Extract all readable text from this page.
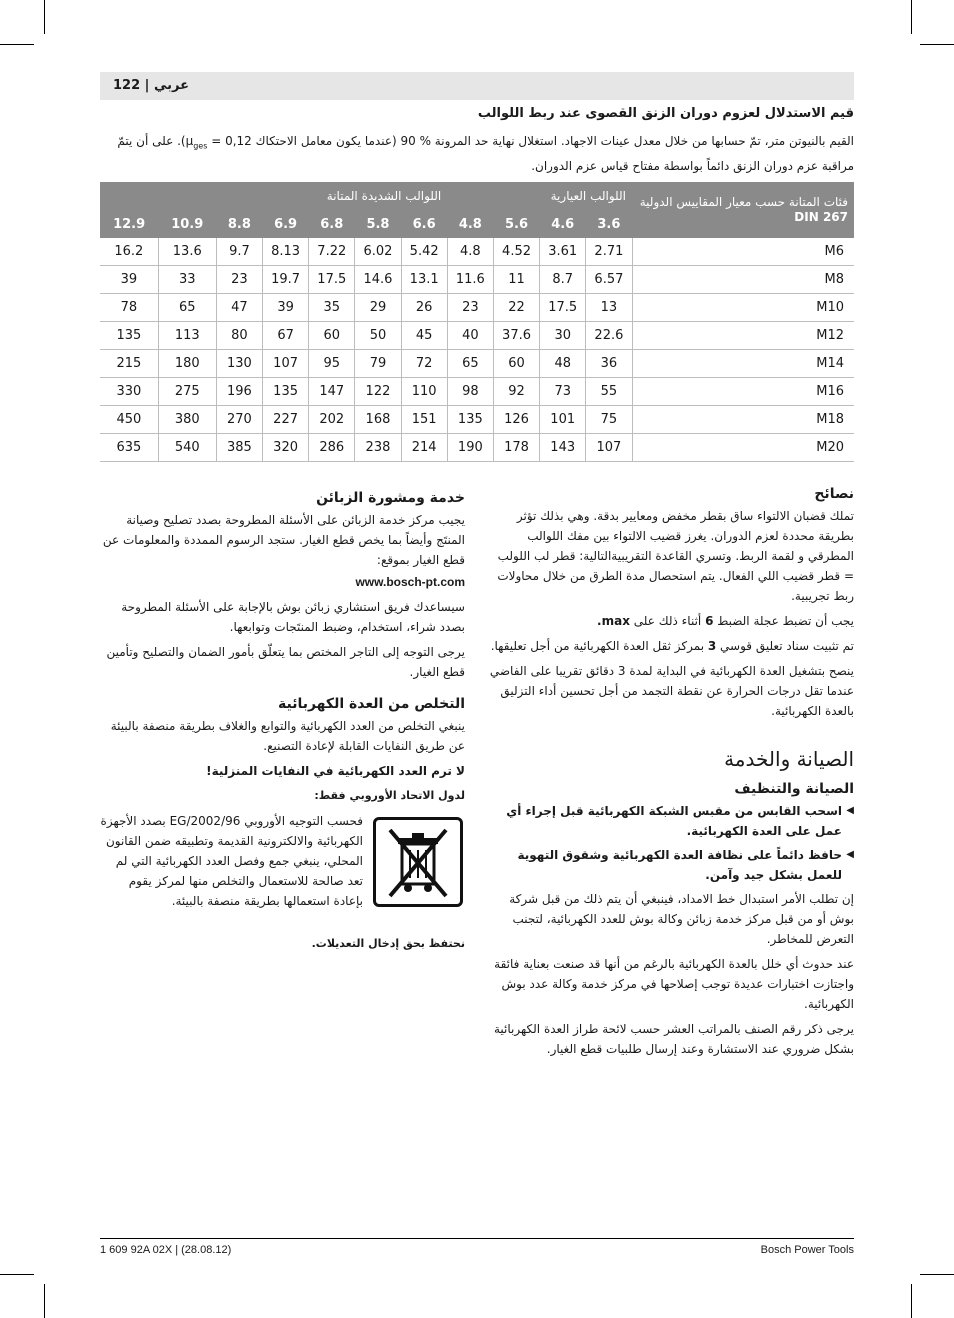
عربي | 122
قيم الاستدلال لعزوم دوران الزنق القصوى عند ربط اللوالب
القيم بالنيوتن متر، تمّ حسابها من خلال معدل عينات الاجهاد. استغلال نهاية حد المرونة % 90 (عندما يكون معامل الاحتكاك $\mu_{ges} = 0,12$). على أن يتمّ
مراقبة عزم دوران الزنق دائماً بواسطة مفتاح قياس عزم الدوران.
فئات المتانة حسب معيار المقاييس الدولية
DIN 267	اللوالب العيارية				اللوالب الشديدة المتانة						
	3.6	4.6	5.6	4.8	6.6	5.8	6.8	6.9	8.8	10.9	12.9
M6	2.71	3.61	4.52	4.8	5.42	6.02	7.22	8.13	9.7	13.6	16.2
M8	6.57	8.7	11	11.6	13.1	14.6	17.5	19.7	23	33	39
M10	13	17.5	22	23	26	29	35	39	47	65	78
M12	22.6	30	37.6	40	45	50	60	67	80	113	135
M14	36	48	60	65	72	79	95	107	130	180	215
M16	55	73	92	98	110	122	147	135	196	275	330
M18	75	101	126	135	151	168	202	227	270	380	450
M20	107	143	178	190	214	238	286	320	385	540	635
نصائح

تملك قضبان الالتواء ساق بقطر مخفض ومعايير بدقة. وهي بذلك تؤثر بطريقة محددة لعزم الدوران. يغرز قضيب الالتواء بين مفك اللوالب المطرقي و لقمة الربط. وتسري القاعدة التقريبيةالتالية: قطر لب اللولب = قطر قضيب اللي الفعال. يتم استحصال مدة الطرق من خلال محاولات ربط تجريبية.

يجب أن تضبط عجلة الضبط 6 أثناء ذلك على max.

تم تثبيت سناد تعليق قوسي 3 بمركز ثقل العدة الكهربائية من أجل تعليقها.

ينصح بتشغيل العدة الكهربائية في البداية لمدة 3 دقائق تقريبا على الفاضي عندما تقل درجات الحرارة عن نقطة التجمد من أجل تحسين أداء التزليق بالعدة الكهربائية.

الصيانة والخدمة
الصيانة والتنظيف
◀
اسحب القابس من مقبس الشبكة الكهربائية قبل إجراء أي عمل على العدة الكهربائية.
◀
حافظ دائماً على نظافة العدة الكهربائية وشقوق التهوية للعمل بشكل جيد وآمن.

إن تطلب الأمر استبدال خط الامداد، فينبغي أن يتم ذلك من قبل شركة بوش أو من قبل مركز خدمة زبائن وكالة بوش للعدد الكهربائية، لتجنب التعرض للمخاطر.

عند حدوث أي خلل بالعدة الكهربائية بالرغم من أنها قد صنعت بعناية فائقة واجتازت اختبارات عديدة توجب إصلاحها في مركز خدمة وكالة عدد بوش الكهربائية.

يرجى ذكر رقم الصنف بالمراتب العشر حسب لائحة طراز العدة الكهربائية بشكل ضروري عند الاستشارة وعند إرسال طلبيات قطع الغيار.

خدمة ومشورة الزبائن

يجيب مركز خدمة الزبائن على الأسئلة المطروحة بصدد تصليح وصيانة المنتَج وأيضاً بما يخص قطع الغيار. ستجد الرسوم الممددة والمعلومات عن قطع الغيار بموقع:

www.bosch-pt.com

سيساعدك فريق استشاري زبائن بوش بالإجابة على الأسئلة المطروحة بصدد شراء، استخدام، وضبط المنتَجات وتوابعها.

يرجى التوجه إلى التاجر المختص بما يتعلّق بأمور الضمان والتصليح وتأمين قطع الغيار.

التخلص من العدة الكهربائية

ينبغي التخلص من العدد الكهربائية والتوابع والغلاف بطريقة منصفة بالبيئة عن طريق النفايات القابلة لإعادة التصنيع.

لا ترم العدد الكهربائية في النفايات المنزلية!

لدول الاتحاد الأوروبي فقط:

فحسب التوجيه الأوروبي 2002/96/EG بصدد الأجهزة الكهربائية والالكترونية القديمة وتطبيقه ضمن القانون المحلي، ينبغي جمع وفصل العدد الكهربائية التي لم تعد صالحة للاستعمال والتخلص منها لمركز يقوم بإعادة استعمالها بطريقة منصفة بالبيئة.
نحتفظ بحق إدخال التعديلات.
1 609 92A 02X | (28.08.12)	Bosch Power Tools
